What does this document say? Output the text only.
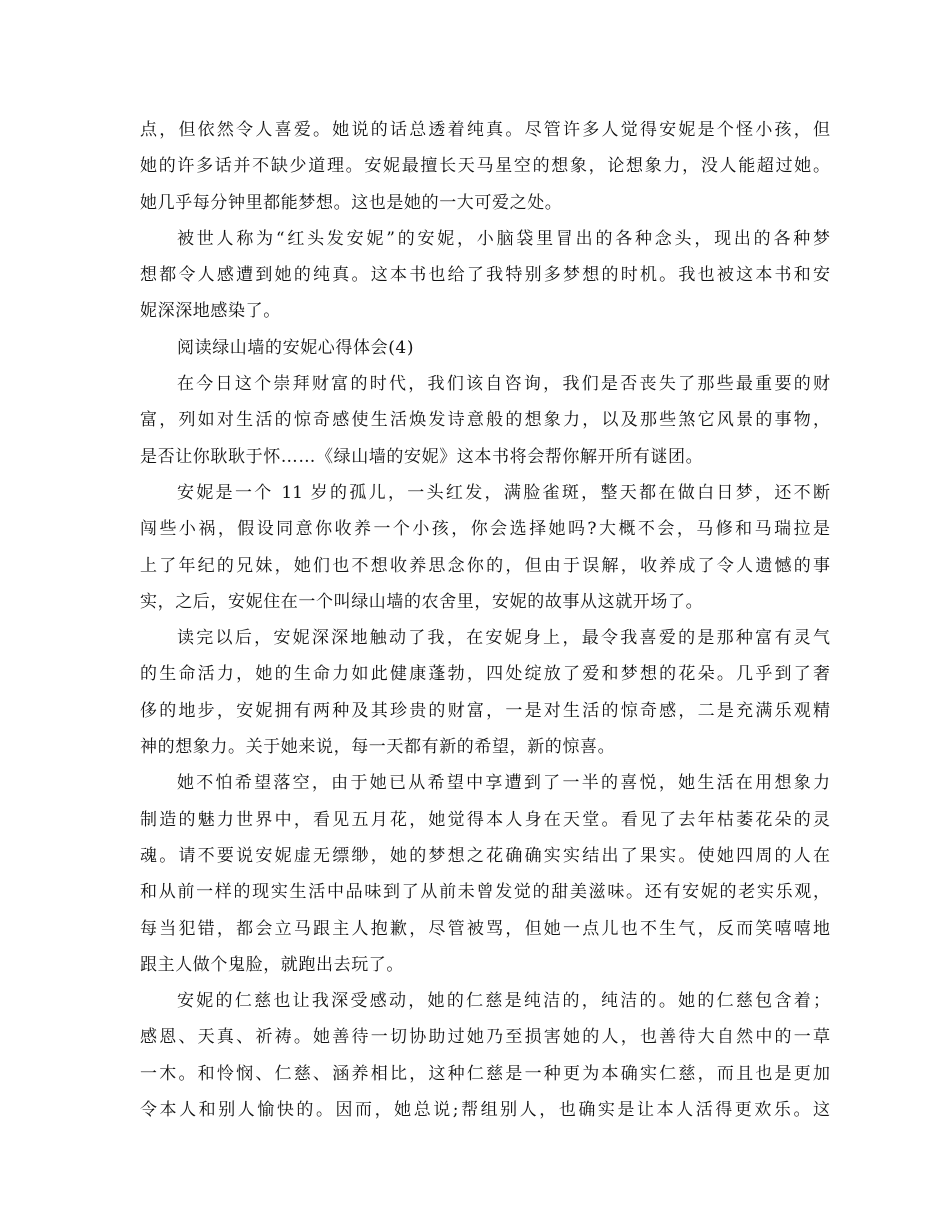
点，但依然令人喜爱。她说的话总透着纯真。尽管许多人觉得安妮是个怪小孩，但
她的许多话并不缺少道理。安妮最擅长天马星空的想象，论想象力，没人能超过她。
她几乎每分钟里都能梦想。这也是她的一大可爱之处。
被世人称为“红头发安妮”的安妮，小脑袋里冒出的各种念头，现出的各种梦
想都令人感遭到她的纯真。这本书也给了我特别多梦想的时机。我也被这本书和安
妮深深地感染了。
阅读绿山墙的安妮心得体会(4)
在今日这个崇拜财富的时代，我们该自咨询，我们是否丧失了那些最重要的财
富，列如对生活的惊奇感使生活焕发诗意般的想象力，以及那些煞它风景的事物，
是否让你耿耿于怀……《绿山墙的安妮》这本书将会帮你解开所有谜团。
安妮是一个 11 岁的孤儿，一头红发，满脸雀斑，整天都在做白日梦，还不断
闯些小祸，假设同意你收养一个小孩，你会选择她吗?大概不会，马修和马瑞拉是
上了年纪的兄妹，她们也不想收养思念你的，但由于误解，收养成了令人遗憾的事
实，之后，安妮住在一个叫绿山墙的农舍里，安妮的故事从这就开场了。
读完以后，安妮深深地触动了我，在安妮身上，最令我喜爱的是那种富有灵气
的生命活力，她的生命力如此健康蓬勃，四处绽放了爱和梦想的花朵。几乎到了奢
侈的地步，安妮拥有两种及其珍贵的财富，一是对生活的惊奇感，二是充满乐观精
神的想象力。关于她来说，每一天都有新的希望，新的惊喜。
她不怕希望落空，由于她已从希望中享遭到了一半的喜悦，她生活在用想象力
制造的魅力世界中，看见五月花，她觉得本人身在天堂。看见了去年枯萎花朵的灵
魂。请不要说安妮虚无缥缈，她的梦想之花确确实实结出了果实。使她四周的人在
和从前一样的现实生活中品味到了从前未曾发觉的甜美滋味。还有安妮的老实乐观，
每当犯错，都会立马跟主人抱歉，尽管被骂，但她一点儿也不生气，反而笑嘻嘻地
跟主人做个鬼脸，就跑出去玩了。
安妮的仁慈也让我深受感动，她的仁慈是纯洁的，纯洁的。她的仁慈包含着；
感恩、天真、祈祷。她善待一切协助过她乃至损害她的人，也善待大自然中的一草
一木。和怜悯、仁慈、涵养相比，这种仁慈是一种更为本确实仁慈，而且也是更加
令本人和别人愉快的。因而，她总说;帮组别人，也确实是让本人活得更欢乐。这
